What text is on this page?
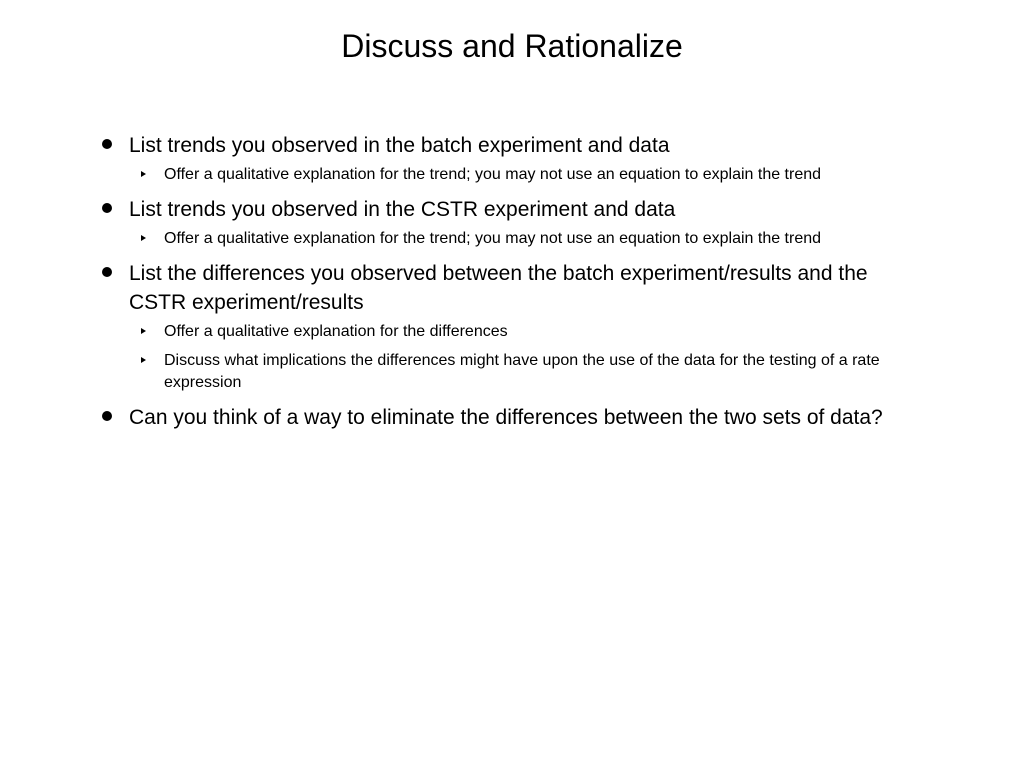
Discuss and Rationalize
List trends you observed in the batch experiment and data
Offer a qualitative explanation for the trend; you may not use an equation to explain the trend
List trends you observed in the CSTR experiment and data
Offer a qualitative explanation for the trend; you may not use an equation to explain the trend
List the differences you observed between the batch experiment/results and the CSTR experiment/results
Offer a qualitative explanation for the differences
Discuss what implications the differences might have upon the use of the data for the testing of a rate expression
Can you think of a way to eliminate the differences between the two sets of data?
